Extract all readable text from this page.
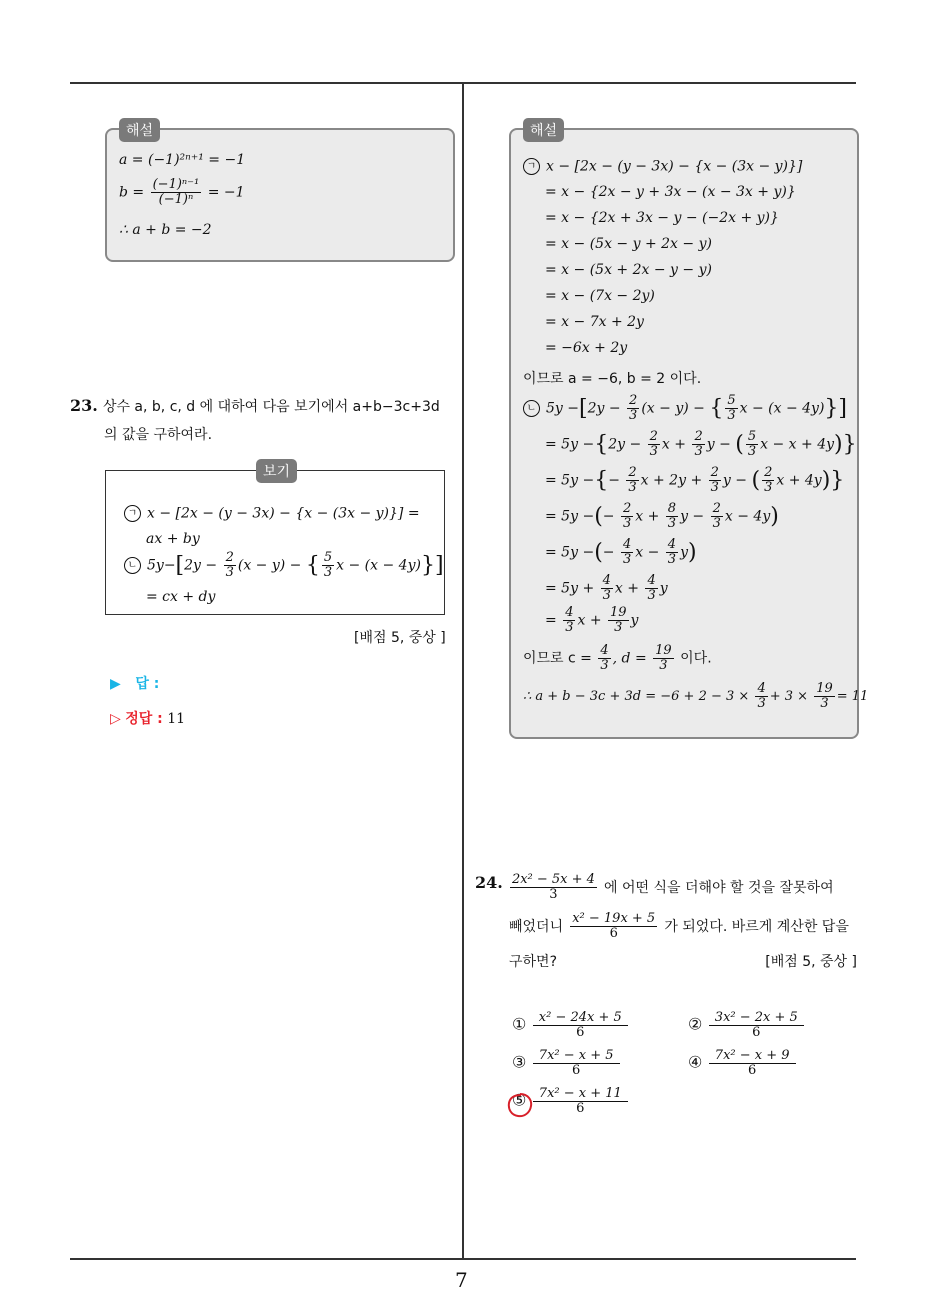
7
해설
a = (−1)²ⁿ⁺¹ = −1
$b = \frac{\text{(−1)ⁿ⁻¹}}{\text{(−1)ⁿ}} = -1$
∴ a + b = −2
23. 상수 a, b, c, d 에 대하여 다음 보기에서 a+b−3c+3d
의 값을 구하여라.
보기
ㄱ x − [2x − (y − 3x) − {x − (3x − y)}] =
ax + by
ㄴ $5y-[2y - \frac{2}{3} (x - y)$ − { $\frac{5}{3}$ x − (x − 4y)}]
= cx + dy
[배점 5, 중상 ]
▶ 답 :
▷ 정답 : 11
해설
ㄱ x − [2x − (y − 3x) − {x − (3x − y)}]
= x − {2x − y + 3x − (x − 3x + y)}
= x − {2x + 3x − y − (−2x + y)}
= x − (5x − y + 2x − y)
= x − (5x + 2x − y − y)
= x − (7x − 2y)
= x − 7x + 2y
= −6x + 2y
이므로 a = −6, b = 2 이다.
ㄴ $5y -[2y - \frac{2}{3} (x - y)$ − { $\frac{5}{3}$ x − (x − 4y)}]
= $5y -\{2y - \frac{2}{3}$ $x + \frac{2}{3}$ y − ( $\frac{5}{3}$ x − x + 4y)}
= 5y −{− $\frac{2}{3}$ $x + 2y + \frac{2}{3}$ y − ( $\frac{2}{3}$ x + 4y)}
= 5y −(− $\frac{2}{3}$ $x + \frac{8}{3}$ $y - \frac{2}{3}$ x − 4y)
= 5y −(− $\frac{4}{3}$ $x - \frac{4}{3} y$)
= $5y + \frac{4}{3}$ $x + \frac{4}{3}$ y
= $\frac{4}{3}$ $x + \frac{19}{3}$ y
이므로 $c = \frac{4}{3}$ , $d = \frac{19}{3}$ 이다.
∴ $a + b - 3c + 3d = -6 + 2 - 3 \times \frac{4}{3} + 3 \times \frac{19}{3} = 11$
24. $\frac{\text{2x² − 5x + 4}}{3}$ 에 어떤 식을 더해야 할 것을 잘못하여
빼었더니 $\frac{\text{x² − 19x + 5}}{6}$ 가 되었다. 바르게 계산한 답을
구하면?	[배점 5, 중상 ]
① $\frac{\text{x² − 24x + 5}}{6}$	② $\frac{\text{3x² − 2x + 5}}{6}$
③ $\frac{\text{7x² − x + 5}}{6}$	④ $\frac{\text{7x² − x + 9}}{6}$
⑤ $\frac{\text{7x² − x + 11}}{6}$
